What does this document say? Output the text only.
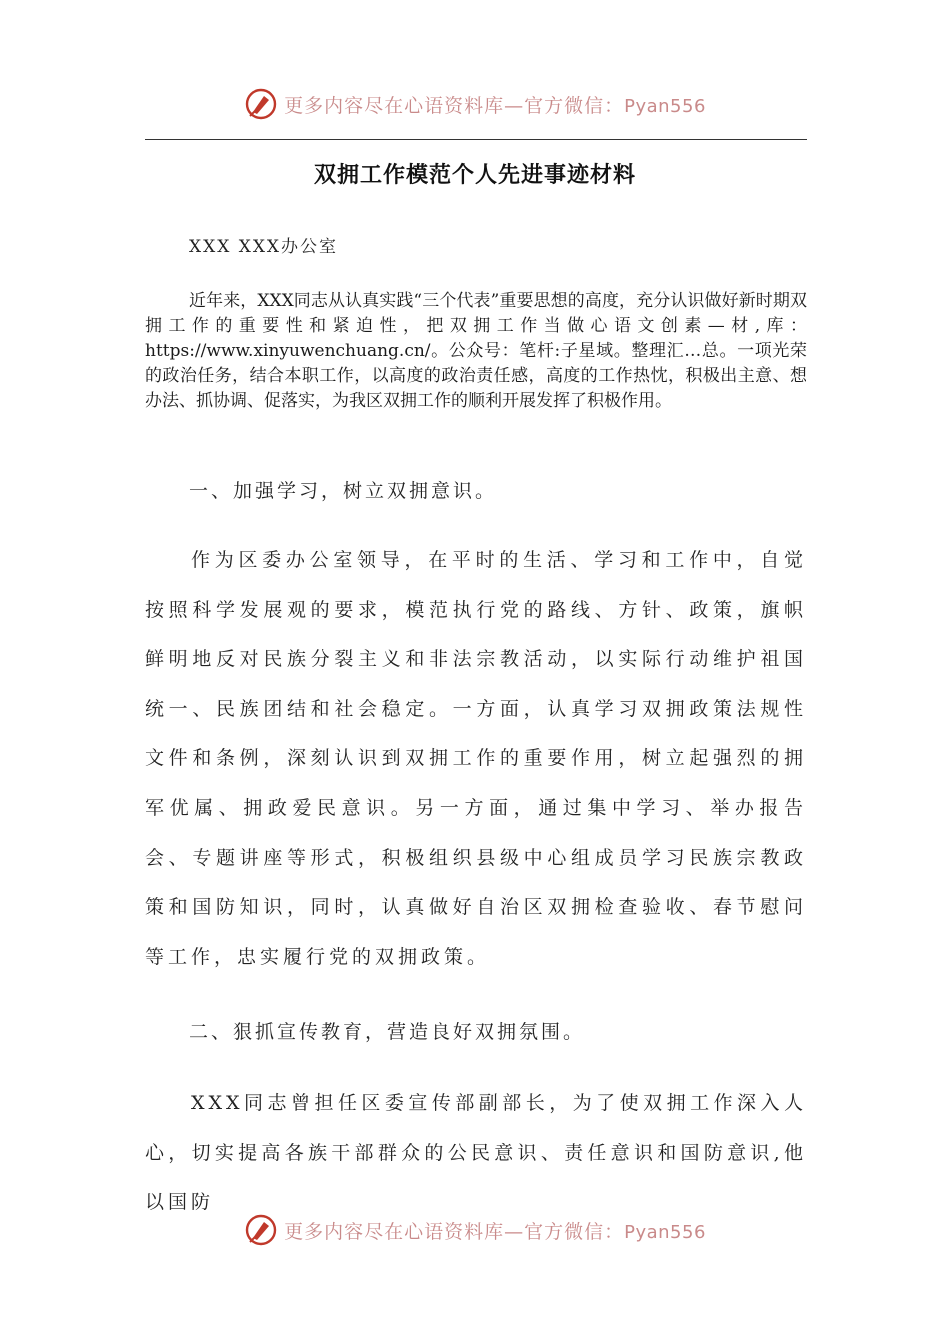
更多内容尽在心语资料库—官方微信：Pyan556
双拥工作模范个人先进事迹材料
XXX XXX办公室
近年来，XXX同志从认真实践“三个代表”重要思想的高度，充分认识做好新时期双拥工作的重要性和紧迫性，把双拥工作当做心语文创素—材,库：https://www.xinyuwenchuang.cn/。公众号：笔杆:子星域。整理汇…总。一项光荣的政治任务，结合本职工作，以高度的政治责任感，高度的工作热忱，积极出主意、想办法、抓协调、促落实，为我区双拥工作的顺利开展发挥了积极作用。
一、加强学习，树立双拥意识。
作为区委办公室领导，在平时的生活、学习和工作中，自觉按照科学发展观的要求，模范执行党的路线、方针、政策，旗帜鲜明地反对民族分裂主义和非法宗教活动，以实际行动维护祖国统一、民族团结和社会稳定。一方面，认真学习双拥政策法规性文件和条例，深刻认识到双拥工作的重要作用，树立起强烈的拥军优属、拥政爱民意识。另一方面，通过集中学习、举办报告会、专题讲座等形式，积极组织县级中心组成员学习民族宗教政策和国防知识，同时，认真做好自治区双拥检查验收、春节慰问等工作，忠实履行党的双拥政策。
二、狠抓宣传教育，营造良好双拥氛围。
XXX同志曾担任区委宣传部副部长，为了使双拥工作深入人心，切实提高各族干部群众的公民意识、责任意识和国防意识,他以国防
更多内容尽在心语资料库—官方微信：Pyan556
